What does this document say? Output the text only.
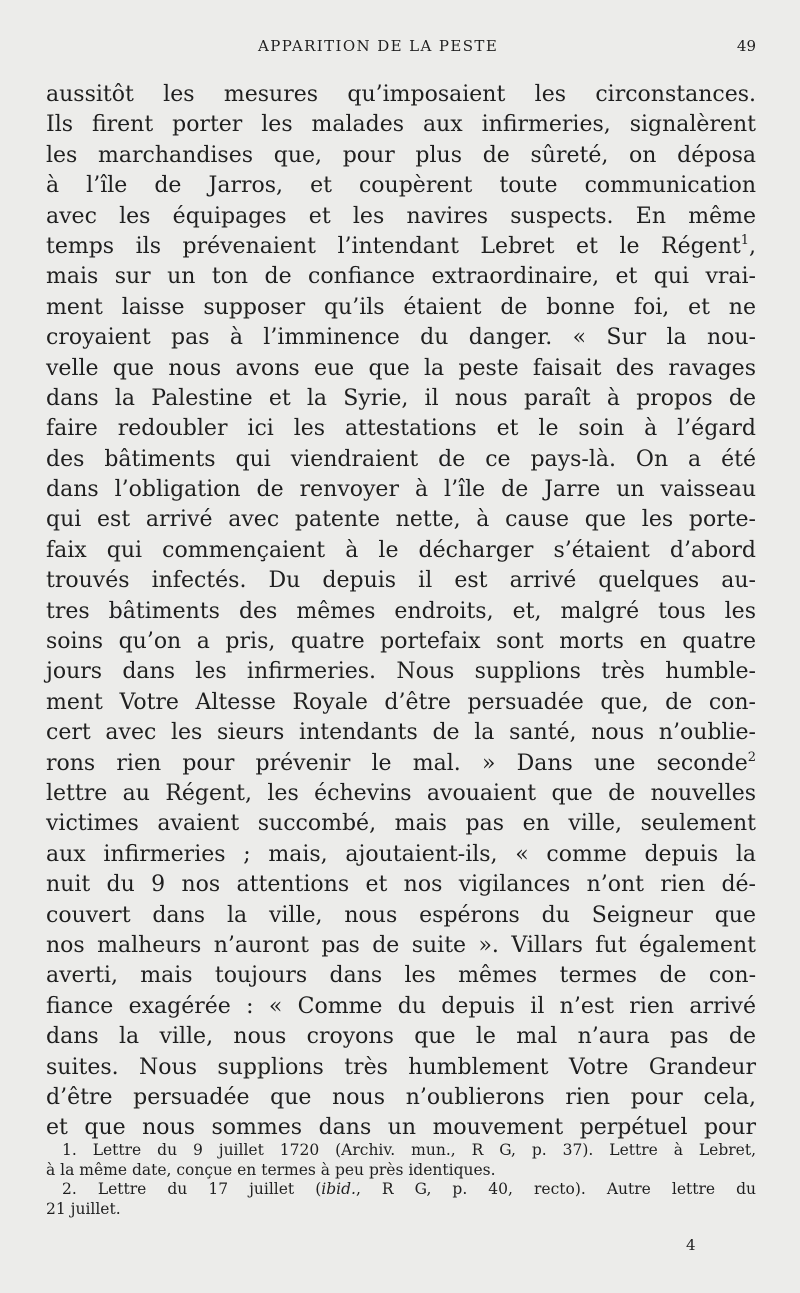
APPARITION DE LA PESTE	49
aussitôt les mesures qu’imposaient les circonstances.
Ils firent porter les malades aux infirmeries, signalèrent
les marchandises que, pour plus de sûreté, on déposa
à l’île de Jarros, et coupèrent toute communication
avec les équipages et les navires suspects. En même
temps ils prévenaient l’intendant Lebret et le Régent$^1$,
mais sur un ton de confiance extraordinaire, et qui vrai-
ment laisse supposer qu’ils étaient de bonne foi, et ne
croyaient pas à l’imminence du danger. « Sur la nou-
velle que nous avons eue que la peste faisait des ravages
dans la Palestine et la Syrie, il nous paraît à propos de
faire redoubler ici les attestations et le soin à l’égard
des bâtiments qui viendraient de ce pays-là. On a été
dans l’obligation de renvoyer à l’île de Jarre un vaisseau
qui est arrivé avec patente nette, à cause que les porte-
faix qui commençaient à le décharger s’étaient d’abord
trouvés infectés. Du depuis il est arrivé quelques au-
tres bâtiments des mêmes endroits, et, malgré tous les
soins qu’on a pris, quatre portefaix sont morts en quatre
jours dans les infirmeries. Nous supplions très humble-
ment Votre Altesse Royale d’être persuadée que, de con-
cert avec les sieurs intendants de la santé, nous n’oublie-
rons rien pour prévenir le mal. » Dans une seconde$^2$
lettre au Régent, les échevins avouaient que de nouvelles
victimes avaient succombé, mais pas en ville, seulement
aux infirmeries ; mais, ajoutaient-ils, « comme depuis la
nuit du 9 nos attentions et nos vigilances n’ont rien dé-
couvert dans la ville, nous espérons du Seigneur que
nos malheurs n’auront pas de suite ». Villars fut également
averti, mais toujours dans les mêmes termes de con-
fiance exagérée : « Comme du depuis il n’est rien arrivé
dans la ville, nous croyons que le mal n’aura pas de
suites. Nous supplions très humblement Votre Grandeur
d’être persuadée que nous n’oublierons rien pour cela,
et que nous sommes dans un mouvement perpétuel pour
1. Lettre du 9 juillet 1720 (Archiv. mun., R G, p. 37). Lettre à Lebret,
à la même date, conçue en termes à peu près identiques.
2. Lettre du 17 juillet (ibid., R G, p. 40, recto). Autre lettre du
21 juillet.
4
